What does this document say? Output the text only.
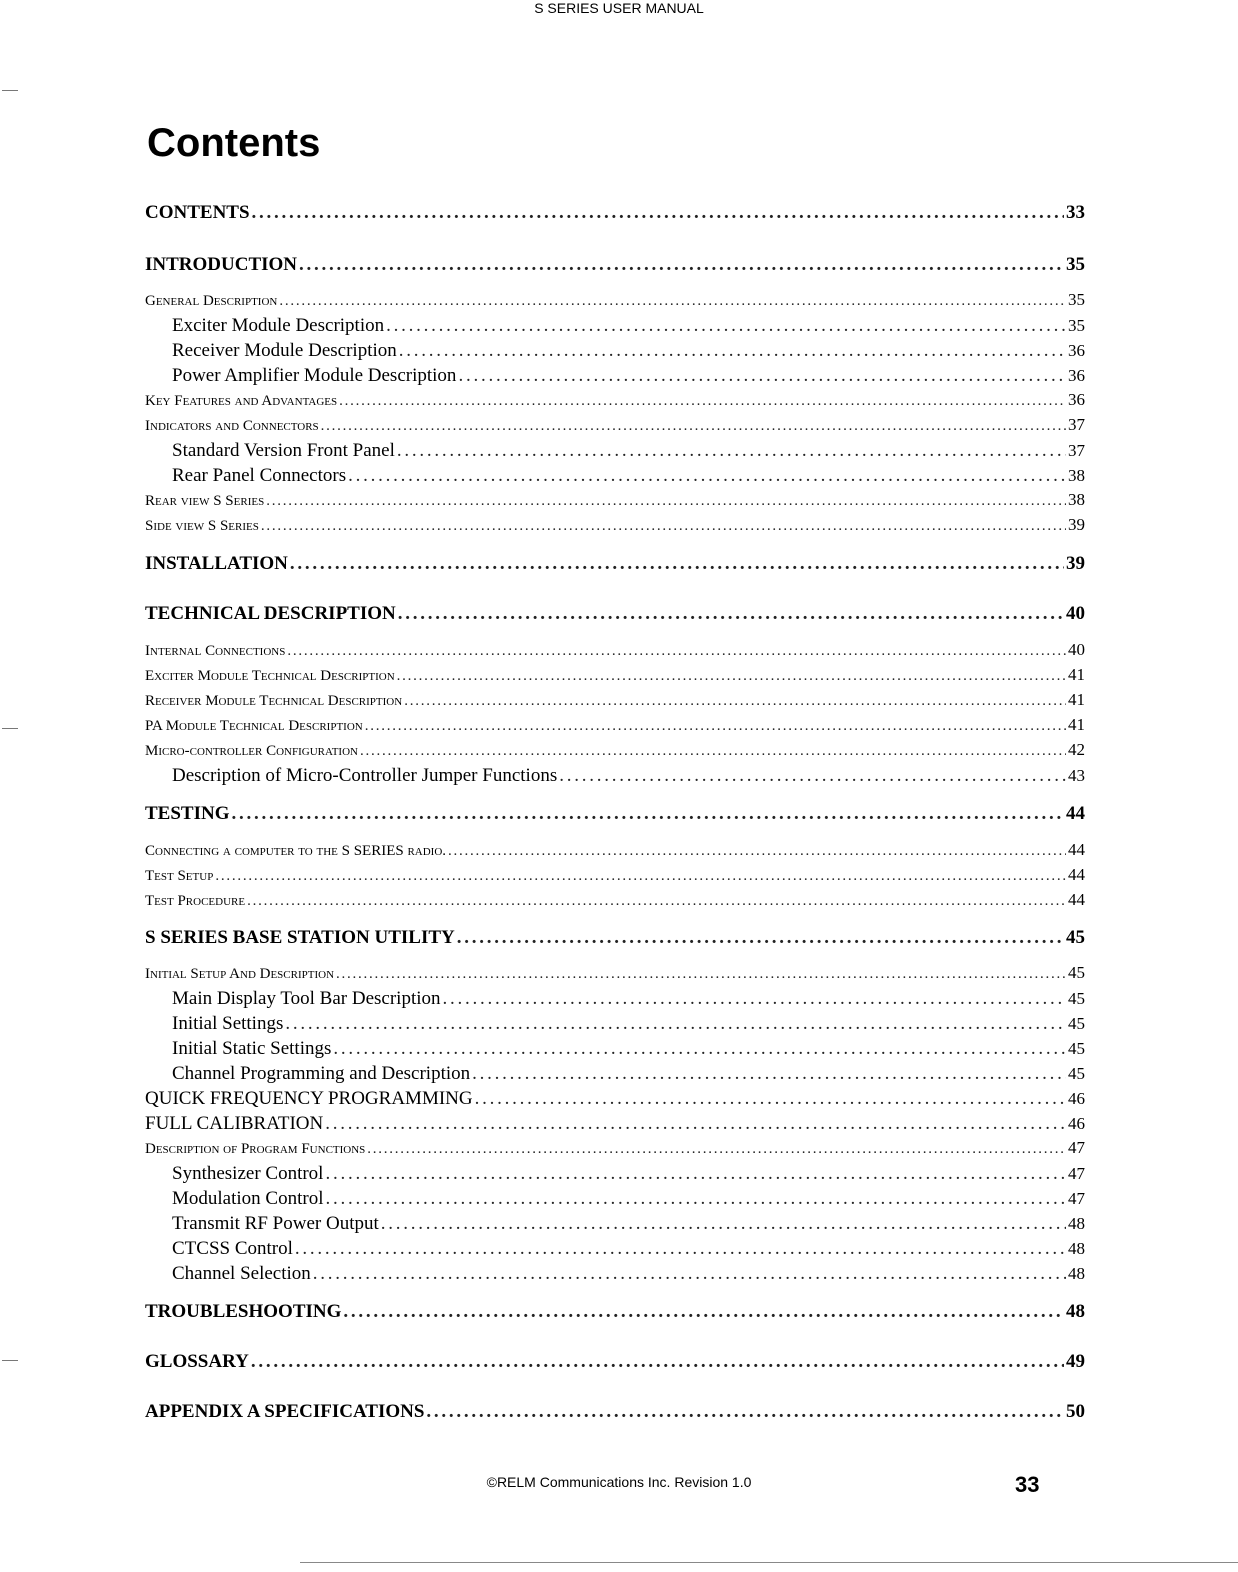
S SERIES USER MANUAL
Contents
CONTENTS . . .	33
INTRODUCTION . . .	35
General Description . . .	35
Exciter Module Description . . .	35
Receiver Module Description . . .	36
Power Amplifier Module Description . . .	36
Key Features and Advantages . . .	36
Indicators and Connectors . . .	37
Standard Version Front Panel . . .	37
Rear Panel Connectors . . .	38
Rear view S Series . . .	38
Side view S Series . . .	39
INSTALLATION . . .	39
TECHNICAL DESCRIPTION . . .	40
Internal Connections . . .	40
Exciter Module Technical Description . . .	41
Receiver Module Technical Description . . .	41
PA Module Technical Description . . .	41
Micro-controller Configuration . . .	42
Description of Micro-Controller Jumper Functions . . .	43
TESTING . . .	44
Connecting a computer to the S SERIES radio. . . .	44
Test Setup . . .	44
Test Procedure . . .	44
S SERIES BASE STATION UTILITY . . .	45
Initial Setup And Description . . .	45
Main Display Tool Bar Description . . .	45
Initial Settings . . .	45
Initial Static Settings . . .	45
Channel Programming and Description . . .	45
QUICK FREQUENCY PROGRAMMING . . .	46
FULL CALIBRATION . . .	46
Description of Program Functions . . .	47
Synthesizer Control . . .	47
Modulation Control . . .	47
Transmit RF Power Output . . .	48
CTCSS Control . . .	48
Channel Selection . . .	48
TROUBLESHOOTING . . .	48
GLOSSARY . . .	49
APPENDIX A SPECIFICATIONS . . .	50
©RELM Communications Inc. Revision 1.0	33
